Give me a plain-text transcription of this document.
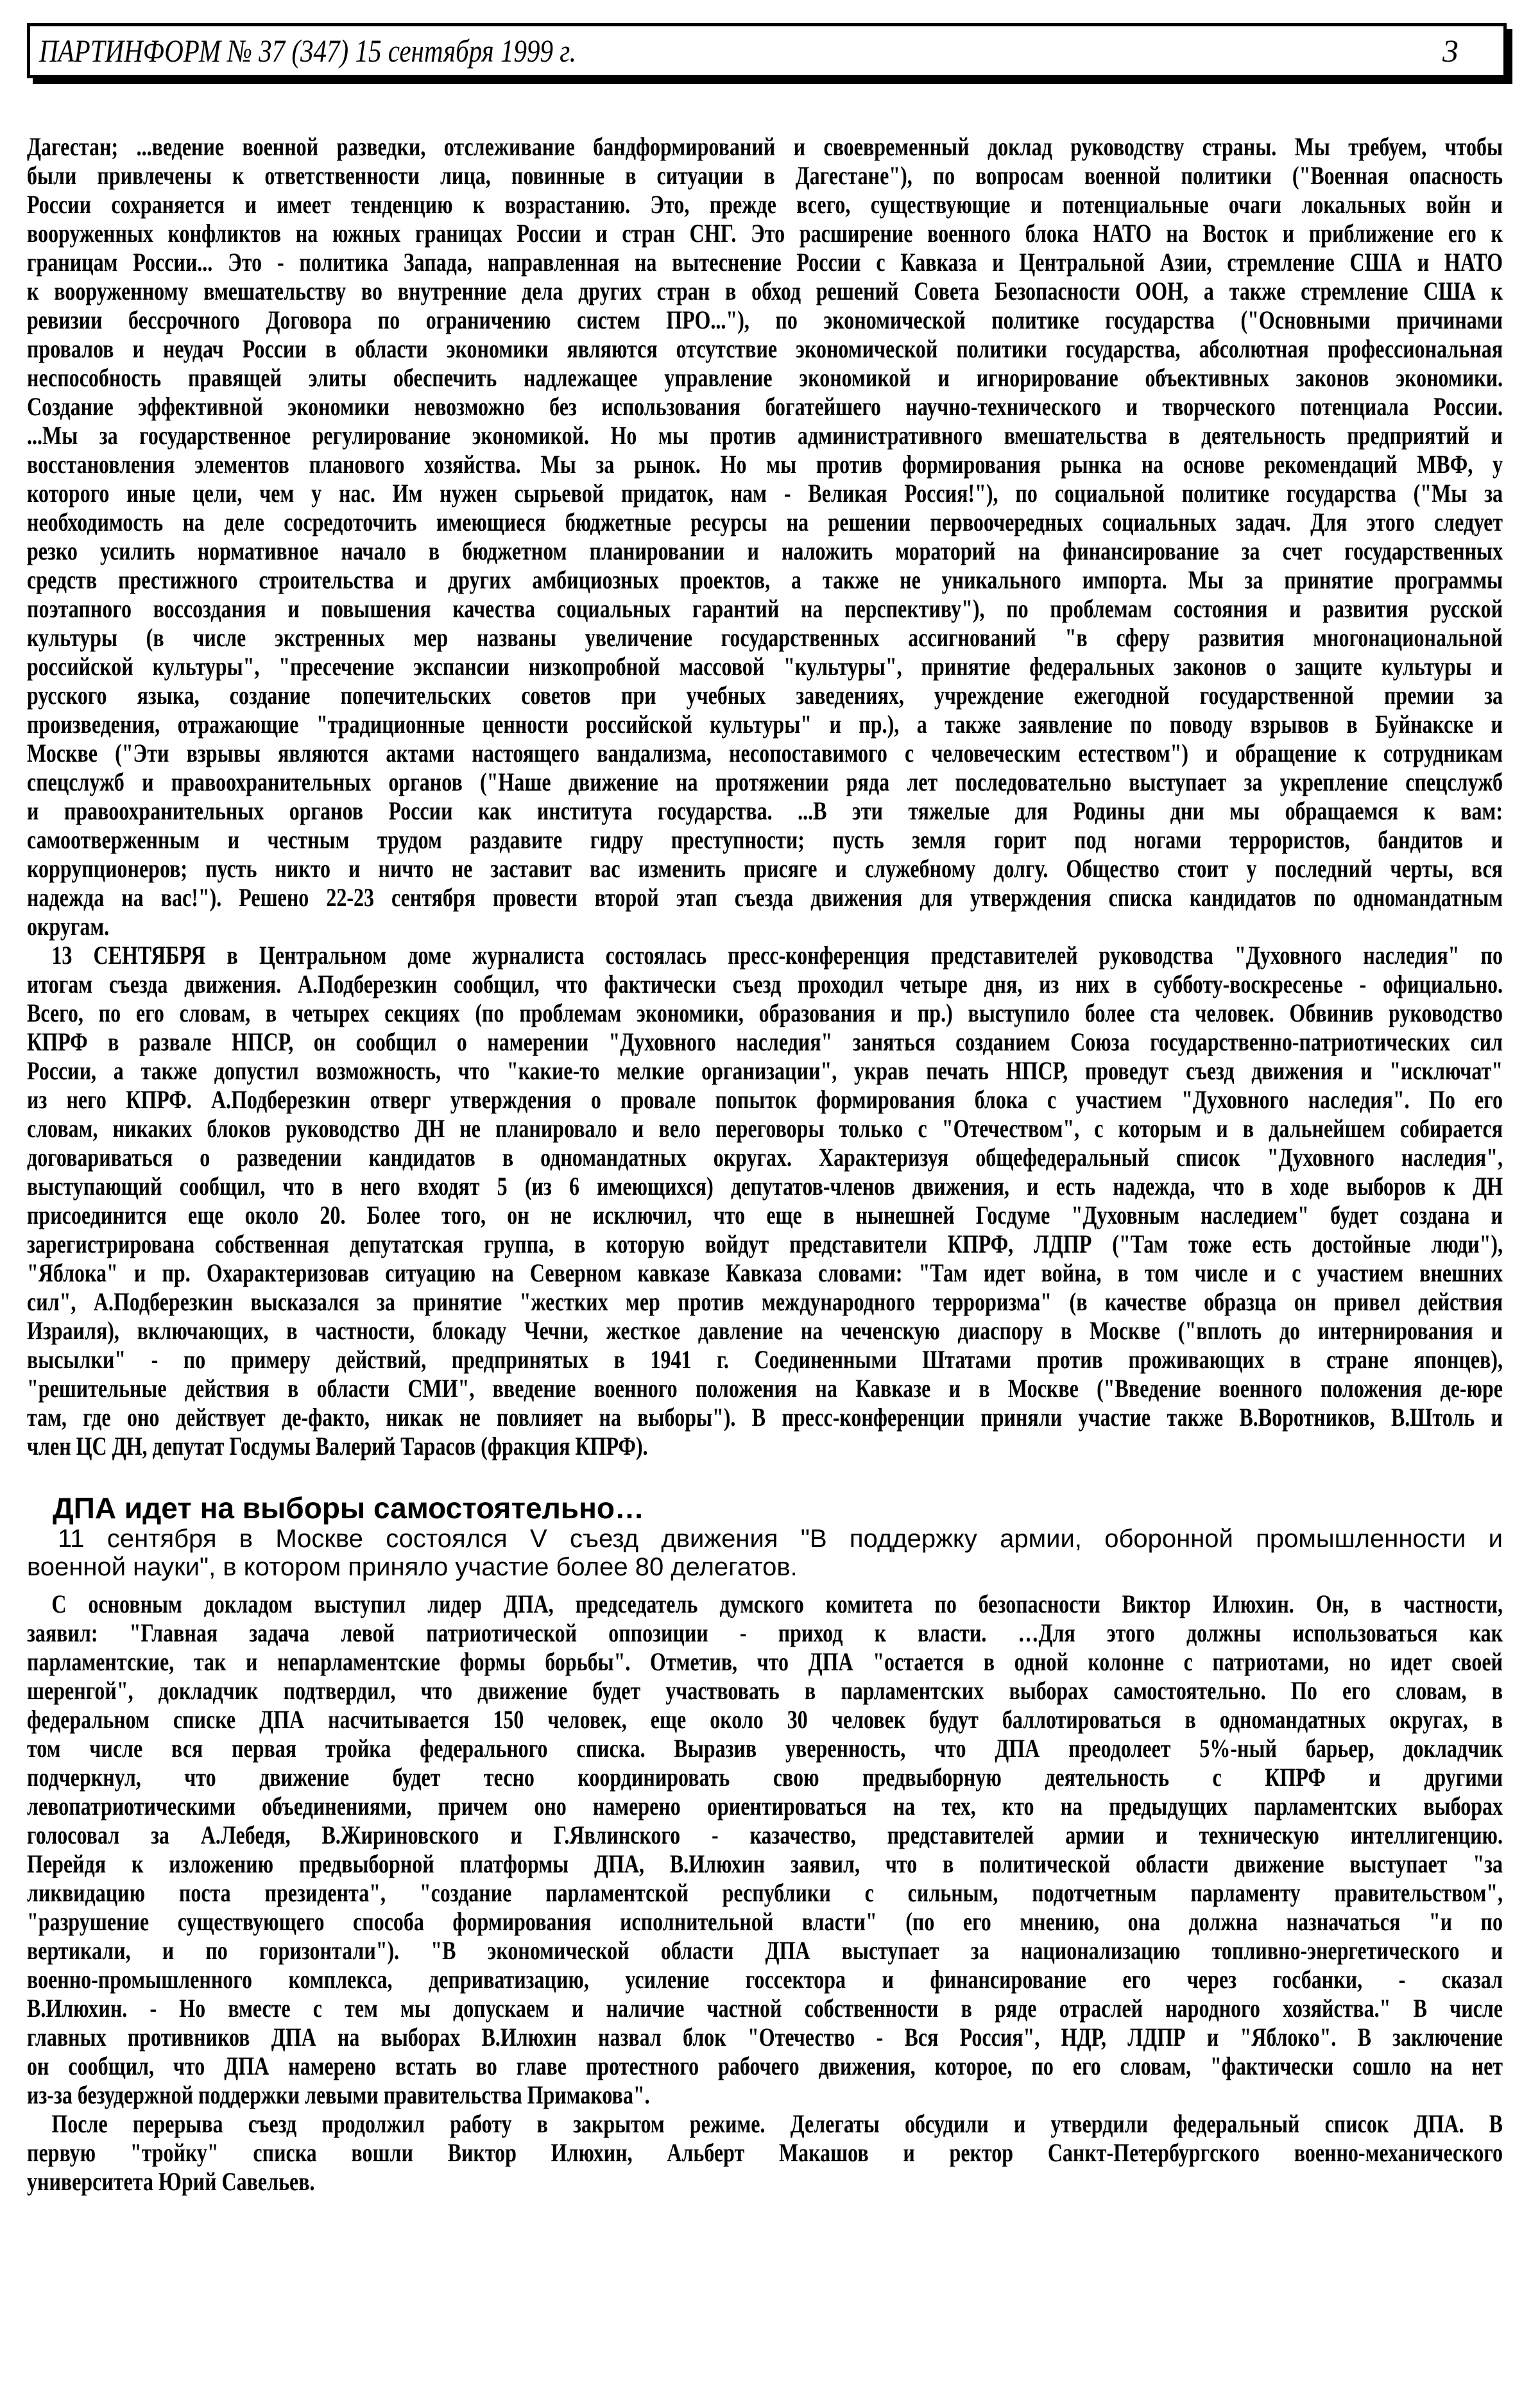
ПАРТИНФОРМ № 37 (347) 15 сентября 1999 г.	3
Дагестан; ...ведение военной разведки, отслеживание бандформирований и своевременный доклад руководству страны. Мы требуем, чтобы
были привлечены к ответственности лица, повинные в ситуации в Дагестане"), по вопросам военной политики ("Военная опасность
России сохраняется и имеет тенденцию к возрастанию. Это, прежде всего, существующие и потенциальные очаги локальных войн и
вооруженных конфликтов на южных границах России и стран СНГ. Это расширение военного блока НАТО на Восток и приближение его к
границам России... Это - политика Запада, направленная на вытеснение России с Кавказа и Центральной Азии, стремление США и НАТО
к вооруженному вмешательству во внутренние дела других стран в обход решений Совета Безопасности ООН, а также стремление США к
ревизии бессрочного Договора по ограничению систем ПРО..."), по экономической политике государства ("Основными причинами
провалов и неудач России в области экономики являются отсутствие экономической политики государства, абсолютная профессиональная
неспособность правящей элиты обеспечить надлежащее управление экономикой и игнорирование объективных законов экономики.
Создание эффективной экономики невозможно без использования богатейшего научно-технического и творческого потенциала России.
...Мы за государственное регулирование экономикой. Но мы против административного вмешательства в деятельность предприятий и
восстановления элементов планового хозяйства. Мы за рынок. Но мы против формирования рынка на основе рекомендаций МВФ, у
которого иные цели, чем у нас. Им нужен сырьевой придаток, нам - Великая Россия!"), по социальной политике государства ("Мы за
необходимость на деле сосредоточить имеющиеся бюджетные ресурсы на решении первоочередных социальных задач. Для этого следует
резко усилить нормативное начало в бюджетном планировании и наложить мораторий на финансирование за счет государственных
средств престижного строительства и других амбициозных проектов, а также не уникального импорта. Мы за принятие программы
поэтапного воссоздания и повышения качества социальных гарантий на перспективу"), по проблемам состояния и развития русской
культуры (в числе экстренных мер названы увеличение государственных ассигнований "в сферу развития многонациональной
российской культуры", "пресечение экспансии низкопробной массовой "культуры", принятие федеральных законов о защите культуры и
русского языка, создание попечительских советов при учебных заведениях, учреждение ежегодной государственной премии за
произведения, отражающие "традиционные ценности российской культуры" и пр.), а также заявление по поводу взрывов в Буйнакске и
Москве ("Эти взрывы являются актами настоящего вандализма, несопоставимого с человеческим естеством") и обращение к сотрудникам
спецслужб и правоохранительных органов ("Наше движение на протяжении ряда лет последовательно выступает за укрепление спецслужб
и правоохранительных органов России как института государства. ...В эти тяжелые для Родины дни мы обращаемся к вам:
самоотверженным и честным трудом раздавите гидру преступности; пусть земля горит под ногами террористов, бандитов и
коррупционеров; пусть никто и ничто не заставит вас изменить присяге и служебному долгу. Общество стоит у последний черты, вся
надежда на вас!"). Решено 22-23 сентября провести второй этап съезда движения для утверждения списка кандидатов по одномандатным
округам.
13 СЕНТЯБРЯ в Центральном доме журналиста состоялась пресс-конференция представителей руководства "Духовного наследия" по
итогам съезда движения. А.Подберезкин сообщил, что фактически съезд проходил четыре дня, из них в субботу-воскресенье - официально.
Всего, по его словам, в четырех секциях (по проблемам экономики, образования и пр.) выступило более ста человек. Обвинив руководство
КПРФ в развале НПСР, он сообщил о намерении "Духовного наследия" заняться созданием Союза государственно-патриотических сил
России, а также допустил возможность, что "какие-то мелкие организации", украв печать НПСР, проведут съезд движения и "исключат"
из него КПРФ. А.Подберезкин отверг утверждения о провале попыток формирования блока с участием "Духовного наследия". По его
словам, никаких блоков руководство ДН не планировало и вело переговоры только с "Отечеством", с которым и в дальнейшем собирается
договариваться о разведении кандидатов в одномандатных округах. Характеризуя общефедеральный список "Духовного наследия",
выступающий сообщил, что в него входят 5 (из 6 имеющихся) депутатов-членов движения, и есть надежда, что в ходе выборов к ДН
присоединится еще около 20. Более того, он не исключил, что еще в нынешней Госдуме "Духовным наследием" будет создана и
зарегистрирована собственная депутатская группа, в которую войдут представители КПРФ, ЛДПР ("Там тоже есть достойные люди"),
"Яблока" и пр. Охарактеризовав ситуацию на Северном кавказе Кавказа словами: "Там идет война, в том числе и с участием внешних
сил", А.Подберезкин высказался за принятие "жестких мер против международного терроризма" (в качестве образца он привел действия
Израиля), включающих, в частности, блокаду Чечни, жесткое давление на чеченскую диаспору в Москве ("вплоть до интернирования и
высылки" - по примеру действий, предпринятых в 1941 г. Соединенными Штатами против проживающих в стране японцев),
"решительные действия в области СМИ", введение военного положения на Кавказе и в Москве ("Введение военного положения де-юре
там, где оно действует де-факто, никак не повлияет на выборы"). В пресс-конференции приняли участие также В.Воротников, В.Штоль и
член ЦС ДН, депутат Госдумы Валерий Тарасов (фракция КПРФ).
ДПА идет на выборы самостоятельно…
11 сентября в Москве состоялся V съезд движения "В поддержку армии, оборонной промышленности и
военной науки", в котором приняло участие более 80 делегатов.
С основным докладом выступил лидер ДПА, председатель думского комитета по безопасности Виктор Илюхин. Он, в частности,
заявил: "Главная задача левой патриотической оппозиции - приход к власти. …Для этого должны использоваться как
парламентские, так и непарламентские формы борьбы". Отметив, что ДПА "остается в одной колонне с патриотами, но идет своей
шеренгой", докладчик подтвердил, что движение будет участвовать в парламентских выборах самостоятельно. По его словам, в
федеральном списке ДПА насчитывается 150 человек, еще около 30 человек будут баллотироваться в одномандатных округах, в
том числе вся первая тройка федерального списка. Выразив уверенность, что ДПА преодолеет 5%-ный барьер, докладчик
подчеркнул, что движение будет тесно координировать свою предвыборную деятельность с КПРФ и другими
левопатриотическими объединениями, причем оно намерено ориентироваться на тех, кто на предыдущих парламентских выборах
голосовал за А.Лебедя, В.Жириновского и Г.Явлинского - казачество, представителей армии и техническую интеллигенцию.
Перейдя к изложению предвыборной платформы ДПА, В.Илюхин заявил, что в политической области движение выступает "за
ликвидацию поста президента", "создание парламентской республики с сильным, подотчетным парламенту правительством",
"разрушение существующего способа формирования исполнительной власти" (по его мнению, она должна назначаться "и по
вертикали, и по горизонтали"). "В экономической области ДПА выступает за национализацию топливно-энергетического и
военно-промышленного комплекса, деприватизацию, усиление госсектора и финансирование его через госбанки, - сказал
В.Илюхин. - Но вместе с тем мы допускаем и наличие частной собственности в ряде отраслей народного хозяйства." В числе
главных противников ДПА на выборах В.Илюхин назвал блок "Отечество - Вся Россия", НДР, ЛДПР и "Яблоко". В заключение
он сообщил, что ДПА намерено встать во главе протестного рабочего движения, которое, по его словам, "фактически сошло на нет
из-за безудержной поддержки левыми правительства Примакова".
После перерыва съезд продолжил работу в закрытом режиме. Делегаты обсудили и утвердили федеральный список ДПА. В
первую "тройку" списка вошли Виктор Илюхин, Альберт Макашов и ректор Санкт-Петербургского военно-механического
университета Юрий Савельев.
